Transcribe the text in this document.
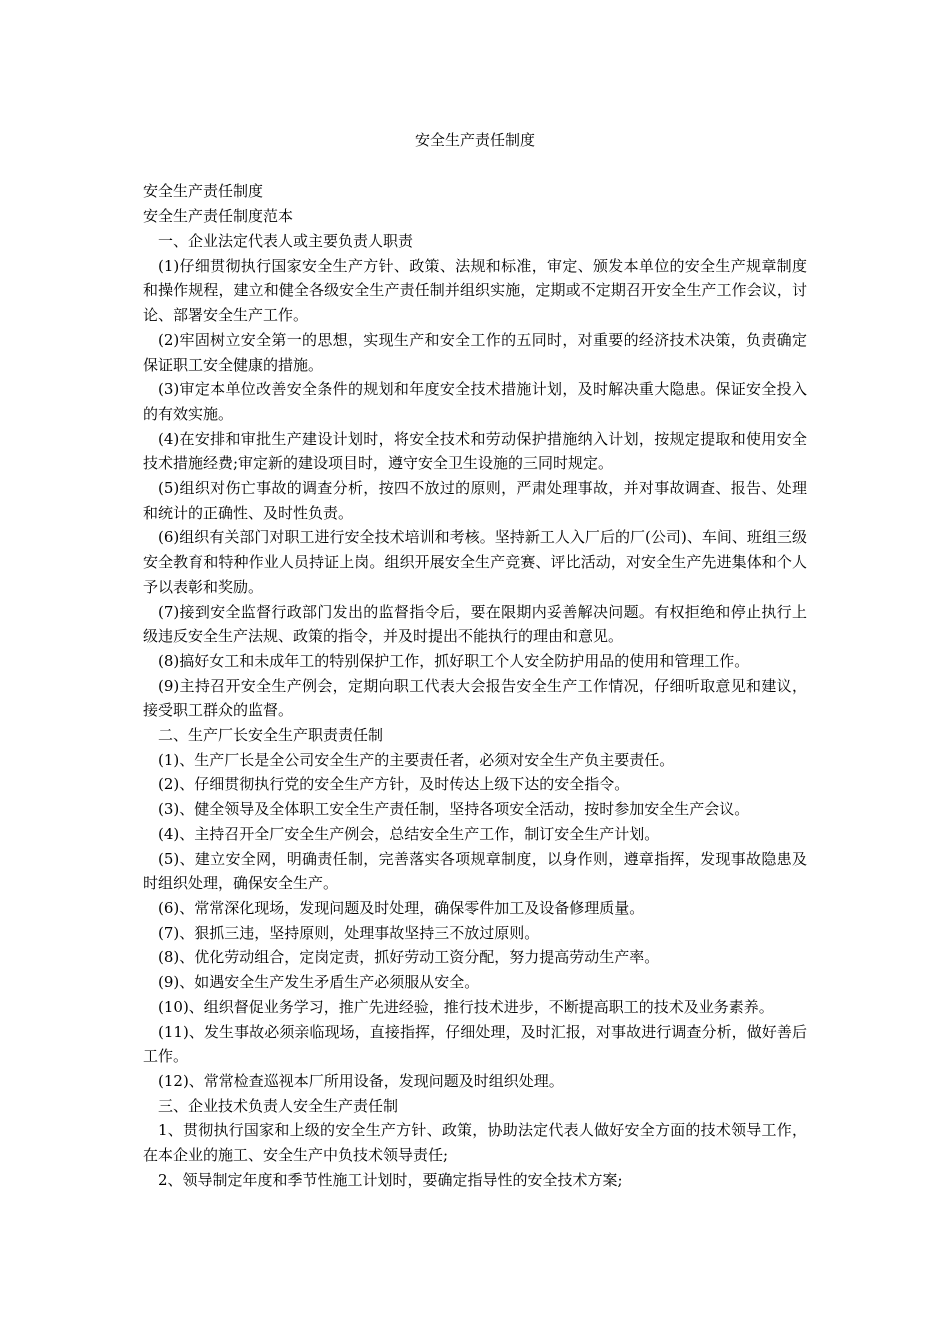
安全生产责任制度

安全生产责任制度

安全生产责任制度范本

一、企业法定代表人或主要负责人职责

(1)仔细贯彻执行国家安全生产方针、政策、法规和标准，审定、颁发本单位的安全生产规章制度和操作规程，建立和健全各级安全生产责任制并组织实施，定期或不定期召开安全生产工作会议，讨论、部署安全生产工作。

(2)牢固树立安全第一的思想，实现生产和安全工作的五同时，对重要的经济技术决策，负责确定保证职工安全健康的措施。

(3)审定本单位改善安全条件的规划和年度安全技术措施计划，及时解决重大隐患。保证安全投入的有效实施。

(4)在安排和审批生产建设计划时，将安全技术和劳动保护措施纳入计划，按规定提取和使用安全技术措施经费;审定新的建设项目时，遵守安全卫生设施的三同时规定。

(5)组织对伤亡事故的调查分析，按四不放过的原则，严肃处理事故，并对事故调查、报告、处理和统计的正确性、及时性负责。

(6)组织有关部门对职工进行安全技术培训和考核。坚持新工人入厂后的厂(公司)、车间、班组三级安全教育和特种作业人员持证上岗。组织开展安全生产竞赛、评比活动，对安全生产先进集体和个人予以表彰和奖励。

(7)接到安全监督行政部门发出的监督指令后，要在限期内妥善解决问题。有权拒绝和停止执行上级违反安全生产法规、政策的指令，并及时提出不能执行的理由和意见。

(8)搞好女工和未成年工的特别保护工作，抓好职工个人安全防护用品的使用和管理工作。

(9)主持召开安全生产例会，定期向职工代表大会报告安全生产工作情况，仔细听取意见和建议，接受职工群众的监督。

二、生产厂长安全生产职责责任制

(1)、生产厂长是全公司安全生产的主要责任者，必须对安全生产负主要责任。

(2)、仔细贯彻执行党的安全生产方针，及时传达上级下达的安全指令。

(3)、健全领导及全体职工安全生产责任制，坚持各项安全活动，按时参加安全生产会议。

(4)、主持召开全厂安全生产例会，总结安全生产工作，制订安全生产计划。

(5)、建立安全网，明确责任制，完善落实各项规章制度，以身作则，遵章指挥，发现事故隐患及时组织处理，确保安全生产。

(6)、常常深化现场，发现问题及时处理，确保零件加工及设备修理质量。

(7)、狠抓三违，坚持原则，处理事故坚持三不放过原则。

(8)、优化劳动组合，定岗定责，抓好劳动工资分配，努力提高劳动生产率。

(9)、如遇安全生产发生矛盾生产必须服从安全。

(10)、组织督促业务学习，推广先进经验，推行技术进步，不断提高职工的技术及业务素养。

(11)、发生事故必须亲临现场，直接指挥，仔细处理，及时汇报，对事故进行调查分析，做好善后工作。

(12)、常常检查巡视本厂所用设备，发现问题及时组织处理。

三、企业技术负责人安全生产责任制

1、贯彻执行国家和上级的安全生产方针、政策，协助法定代表人做好安全方面的技术领导工作，在本企业的施工、安全生产中负技术领导责任;

2、领导制定年度和季节性施工计划时，要确定指导性的安全技术方案;
